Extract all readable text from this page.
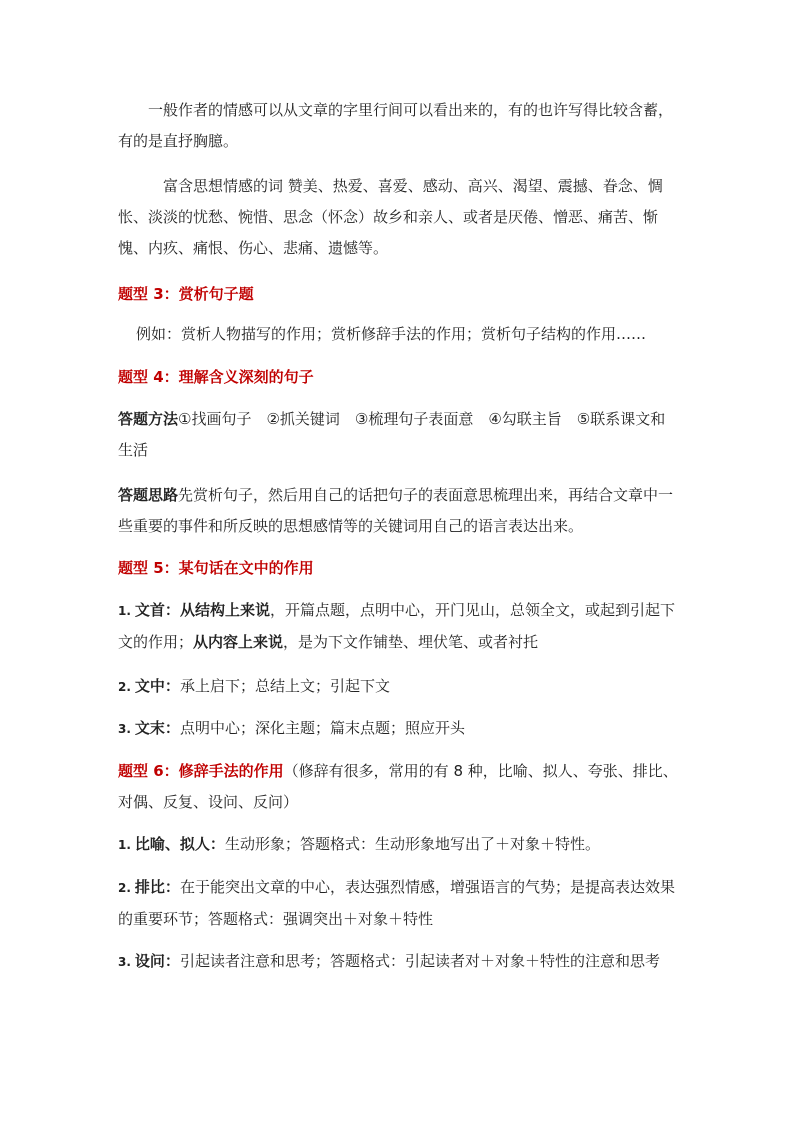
一般作者的情感可以从文章的字里行间可以看出来的，有的也许写得比较含蓄，有的是直抒胸臆。

富含思想情感的词 赞美、热爱、喜爱、感动、高兴、渴望、震撼、眷念、惆怅、淡淡的忧愁、惋惜、思念（怀念）故乡和亲人、或者是厌倦、憎恶、痛苦、惭愧、内疚、痛恨、伤心、悲痛、遗憾等。

题型 3：赏析句子题

例如：赏析人物描写的作用；赏析修辞手法的作用；赏析句子结构的作用……

题型 4：理解含义深刻的句子

答题方法①找画句子　②抓关键词　③梳理句子表面意　④勾联主旨　⑤联系课文和生活

答题思路先赏析句子，然后用自己的话把句子的表面意思梳理出来，再结合文章中一些重要的事件和所反映的思想感情等的关键词用自己的语言表达出来。

题型 5：某句话在文中的作用

1. 文首：从结构上来说，开篇点题，点明中心，开门见山，总领全文，或起到引起下文的作用；从内容上来说，是为下文作铺垫、埋伏笔、或者衬托

2. 文中：承上启下；总结上文；引起下文

3. 文末：点明中心；深化主题；篇末点题；照应开头

题型 6：修辞手法的作用（修辞有很多，常用的有 8 种，比喻、拟人、夸张、排比、对偶、反复、设问、反问）

1. 比喻、拟人：生动形象；答题格式：生动形象地写出了＋对象＋特性。

2. 排比：在于能突出文章的中心，表达强烈情感，增强语言的气势；是提高表达效果的重要环节；答题格式：强调突出＋对象＋特性

3. 设问：引起读者注意和思考；答题格式：引起读者对＋对象＋特性的注意和思考
